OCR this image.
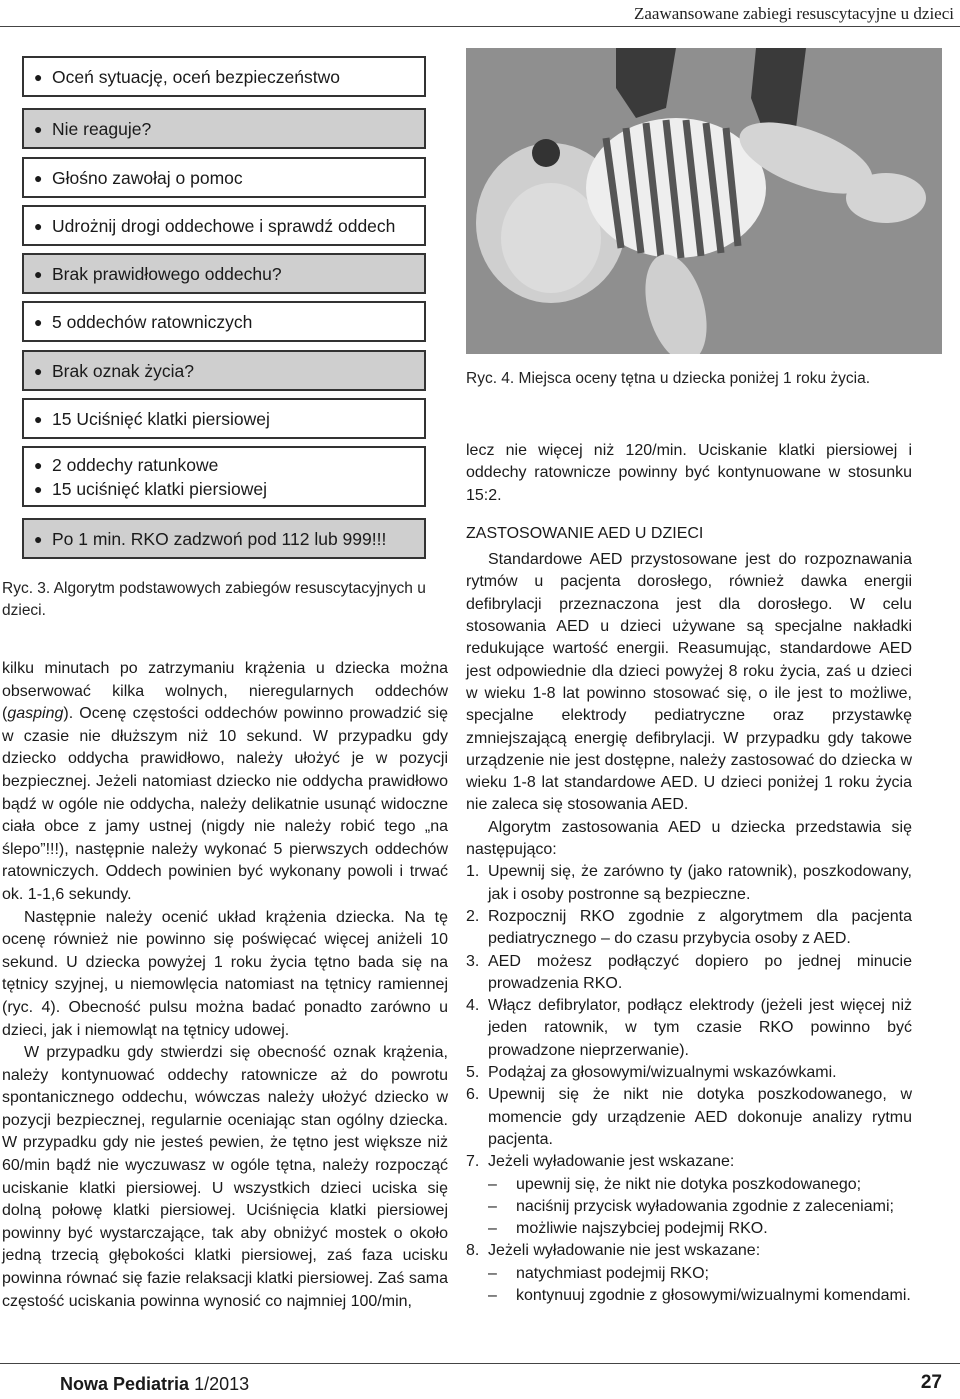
Zaawansowane zabiegi resuscytacyjne u dzieci
● Oceń sytuację, oceń bezpieczeństwo
● Nie reaguje?
● Głośno zawołaj o pomoc
● Udrożnij drogi oddechowe i sprawdź oddech
● Brak prawidłowego oddechu?
● 5 oddechów ratowniczych
● Brak oznak życia?
● 15 Uciśnięć klatki piersiowej
● 2 oddechy ratunkowe
● 15 uciśnięć klatki piersiowej
● Po 1 min. RKO zadzwoń pod 112 lub 999!!!
Ryc. 3. Algorytm podstawowych zabiegów resuscytacyjnych u dzieci.

kilku minutach po zatrzymaniu krążenia u dziecka można obserwować kilka wolnych, nieregularnych oddechów (gasping). Ocenę częstości oddechów powinno prowadzić się w czasie nie dłuższym niż 10 sekund. W przypadku gdy dziecko oddycha prawidłowo, należy ułożyć je w pozycji bezpiecznej. Jeżeli natomiast dziecko nie oddycha prawidłowo bądź w ogóle nie oddycha, należy delikatnie usunąć widoczne ciała obce z jamy ustnej (nigdy nie należy robić tego „na ślepo”!!!), następnie należy wykonać 5 pierwszych oddechów ratowniczych. Oddech powinien być wykonany powoli i trwać ok. 1-1,6 sekundy.

Następnie należy ocenić układ krążenia dziecka. Na tę ocenę również nie powinno się poświęcać więcej aniżeli 10 sekund. U dziecka powyżej 1 roku życia tętno bada się na tętnicy szyjnej, u niemowlęcia natomiast na tętnicy ramiennej (ryc. 4). Obecność pulsu można badać ponadto zarówno u dzieci, jak i niemowląt na tętnicy udowej.

W przypadku gdy stwierdzi się obecność oznak krążenia, należy kontynuować oddechy ratownicze aż do powrotu spontanicznego oddechu, wówczas należy ułożyć dziecko w pozycji bezpiecznej, regularnie oceniając stan ogólny dziecka. W przypadku gdy nie jesteś pewien, że tętno jest większe niż 60/min bądź nie wyczuwasz w ogóle tętna, należy rozpocząć uciskanie klatki piersiowej. U wszystkich dzieci uciska się dolną połowę klatki piersiowej. Uciśnięcia klatki piersiowej powinny być wystarczające, tak aby obniżyć mostek o około jedną trzecią głębokości klatki piersiowej, zaś faza ucisku powinna równać się fazie relaksacji klatki piersiowej. Zaś sama częstość uciskania powinna wynosić co najmniej 100/min,

Ryc. 4. Miejsca oceny tętna u dziecka poniżej 1 roku życia.

lecz nie więcej niż 120/min. Uciskanie klatki piersiowej i oddechy ratownicze powinny być kontynuowane w stosunku 15:2.

ZASTOSOWANIE AED U DZIECI

Standardowe AED przystosowane jest do rozpoznawania rytmów u pacjenta dorosłego, również dawka energii defibrylacji przeznaczona jest dla dorosłego. W celu stosowania AED u dzieci używane są specjalne nakładki redukujące wartość energii. Reasumując, standardowe AED jest odpowiednie dla dzieci powyżej 8 roku życia, zaś u dzieci w wieku 1-8 lat powinno stosować się, o ile jest to możliwe, specjalne elektrody pediatryczne oraz przystawkę zmniejszającą energię defibrylacji. W przypadku gdy takowe urządzenie nie jest dostępne, należy zastosować do dziecka w wieku 1-8 lat standardowe AED. U dzieci poniżej 1 roku życia nie zaleca się stosowania AED.

Algorytm zastosowania AED u dziecka przedstawia się następująco:

1. Upewnij się, że zarówno ty (jako ratownik), poszkodowany, jak i osoby postronne są bezpieczne.
2. Rozpocznij RKO zgodnie z algorytmem dla pacjenta pediatrycznego – do czasu przybycia osoby z AED.
3. AED możesz podłączyć dopiero po jednej minucie prowadzenia RKO.
4. Włącz defibrylator, podłącz elektrody (jeżeli jest więcej niż jeden ratownik, w tym czasie RKO powinno być prowadzone nieprzerwanie).
5. Podążaj za głosowymi/wizualnymi wskazówkami.
6. Upewnij się że nikt nie dotyka poszkodowanego, w momencie gdy urządzenie AED dokonuje analizy rytmu pacjenta.
7. Jeżeli wyładowanie jest wskazane:
– upewnij się, że nikt nie dotyka poszkodowanego;
– naciśnij przycisk wyładowania zgodnie z zaleceniami;
– możliwie najszybciej podejmij RKO.
8. Jeżeli wyładowanie nie jest wskazane:
– natychmiast podejmij RKO;
– kontynuuj zgodnie z głosowymi/wizualnymi komendami.
Nowa Pediatria 1/2013	27
